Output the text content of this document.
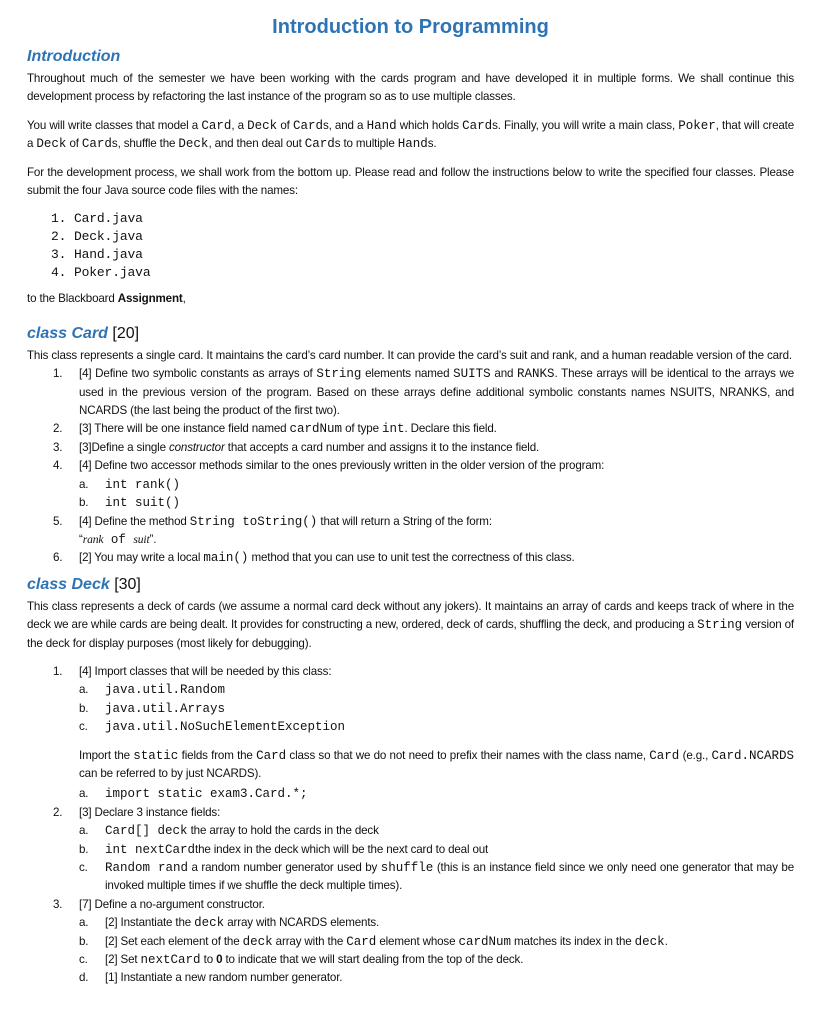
Introduction to Programming
Introduction

Throughout much of the semester we have been working with the cards program and have developed it in multiple forms. We shall continue this development process by refactoring the last instance of the program so as to use multiple classes.

You will write classes that model a Card, a Deck of Cards, and a Hand which holds Cards. Finally, you will write a main class, Poker, that will create a Deck of Cards, shuffle the Deck, and then deal out Cards to multiple Hands.

For the development process, we shall work from the bottom up. Please read and follow the instructions below to write the specified four classes. Please submit the four Java source code files with the names:

1. Card.java
2. Deck.java
3. Hand.java
4. Poker.java

to the Blackboard Assignment,

class Card [20]

This class represents a single card. It maintains the card’s card number. It can provide the card’s suit and rank, and a human readable version of the card.

1. [4] Define two symbolic constants as arrays of String elements named SUITS and RANKS. These arrays will be identical to the arrays we used in the previous version of the program. Based on these arrays define additional symbolic constants names NSUITS, NRANKS, and NCARDS (the last being the product of the first two).
2. [3] There will be one instance field named cardNum of type int. Declare this field.
3. [3]Define a single constructor that accepts a card number and assigns it to the instance field.
4. [4] Define two accessor methods similar to the ones previously written in the older version of the program:
a. int rank()
b. int suit()
5. [4] Define the method String toString() that will return a String of the form:
“rank of suit”.
6. [2] You may write a local main() method that you can use to unit test the correctness of this class.
class Deck [30]

This class represents a deck of cards (we assume a normal card deck without any jokers). It maintains an array of cards and keeps track of where in the deck we are while cards are being dealt. It provides for constructing a new, ordered, deck of cards, shuffling the deck, and producing a String version of the deck for display purposes (most likely for debugging).

1. [4] Import classes that will be needed by this class:
a. java.util.Random
b. java.util.Arrays
c. java.util.NoSuchElementException
Import the static fields from the Card class so that we do not need to prefix their names with the class name, Card (e.g., Card.NCARDS can be referred to by just NCARDS).
a. import static exam3.Card.*;
2. [3] Declare 3 instance fields:
a. Card[] deck the array to hold the cards in the deck
b. int nextCardthe index in the deck which will be the next card to deal out
c. Random rand a random number generator used by shuffle (this is an instance field since we only need one generator that may be invoked multiple times if we shuffle the deck multiple times).
3. [7] Define a no-argument constructor.
a. [2] Instantiate the deck array with NCARDS elements.
b. [2] Set each element of the deck array with the Card element whose cardNum matches its index in the deck.
c. [2] Set nextCard to 0 to indicate that we will start dealing from the top of the deck.
d. [1] Instantiate a new random number generator.
